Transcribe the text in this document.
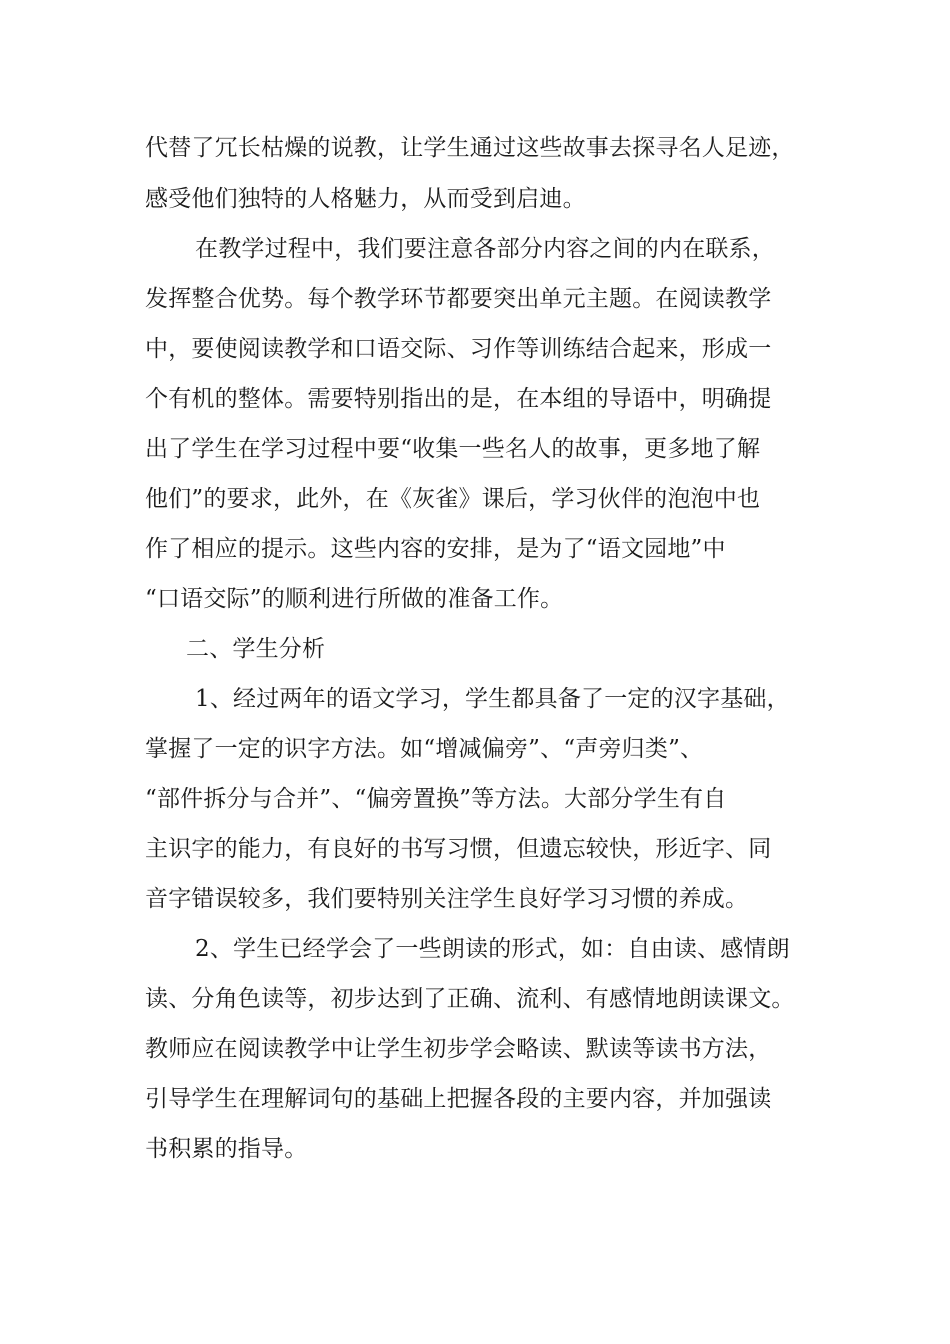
代替了冗长枯燥的说教，让学生通过这些故事去探寻名人足迹，
感受他们独特的人格魅力，从而受到启迪。
在教学过程中，我们要注意各部分内容之间的内在联系，
发挥整合优势。每个教学环节都要突出单元主题。在阅读教学
中，要使阅读教学和口语交际、习作等训练结合起来，形成一
个有机的整体。需要特别指出的是，在本组的导语中，明确提
出了学生在学习过程中要“收集一些名人的故事，更多地了解
他们”的要求，此外，在《灰雀》课后，学习伙伴的泡泡中也
作了相应的提示。这些内容的安排，是为了“语文园地”中
“口语交际”的顺利进行所做的准备工作。
二、学生分析
1、经过两年的语文学习，学生都具备了一定的汉字基础，
掌握了一定的识字方法。如“增减偏旁”、“声旁归类”、
“部件拆分与合并”、“偏旁置换”等方法。大部分学生有自
主识字的能力，有良好的书写习惯，但遗忘较快，形近字、同
音字错误较多，我们要特别关注学生良好学习习惯的养成。
2、学生已经学会了一些朗读的形式，如：自由读、感情朗
读、分角色读等，初步达到了正确、流利、有感情地朗读课文。
教师应在阅读教学中让学生初步学会略读、默读等读书方法，
引导学生在理解词句的基础上把握各段的主要内容，并加强读
书积累的指导。
